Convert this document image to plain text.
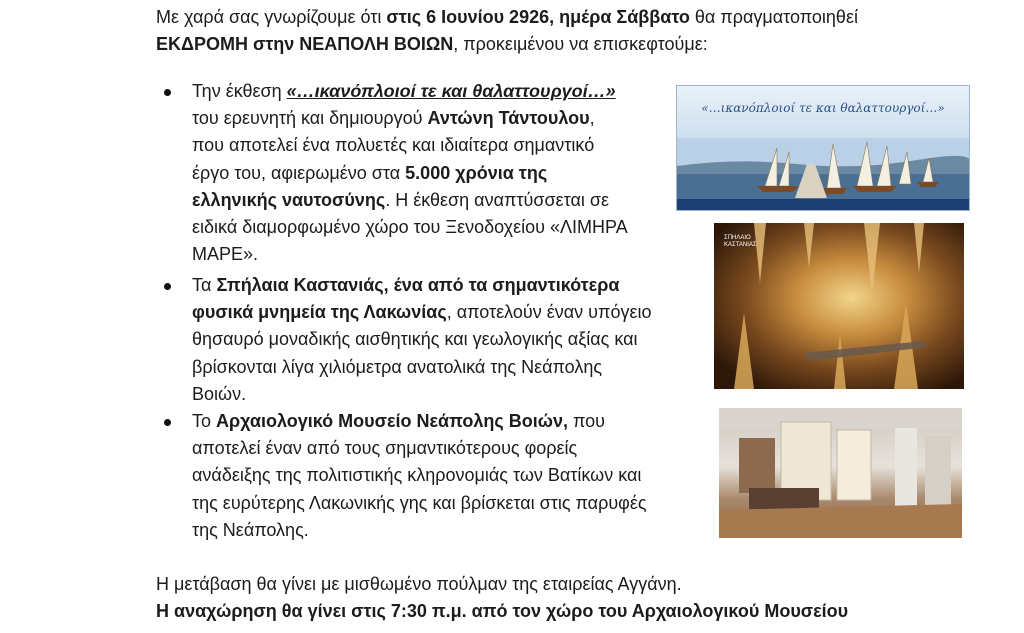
Με χαρά σας γνωρίζουμε ότι στις 6 Ιουνίου 2926, ημέρα Σάββατο θα πραγματοποιηθεί
ΕΚΔΡΟΜΗ στην ΝΕΑΠΟΛΗ ΒΟΙΩΝ, προκειμένου να επισκεφτούμε:
Την έκθεση «…ικανόπλοιοί τε και θαλαττουργοί…»
του ερευνητή και δημιουργού Αντώνη Τάντουλου,
που αποτελεί ένα πολυετές και ιδιαίτερα σημαντικό
έργο του, αφιερωμένο στα 5.000 χρόνια της
ελληνικής ναυτοσύνης. Η έκθεση αναπτύσσεται σε
ειδικά διαμορφωμένο χώρο του Ξενοδοχείου «ΛΙΜΗΡΑ
ΜΑΡΕ».
Τα Σπήλαια Καστανιάς, ένα από τα σημαντικότερα
φυσικά μνημεία της Λακωνίας, αποτελούν έναν υπόγειο
θησαυρό μοναδικής αισθητικής και γεωλογικής αξίας και
βρίσκονται λίγα χιλιόμετρα ανατολικά της Νεάπολης
Βοιών.
Το Αρχαιολογικό Μουσείο Νεάπολης Βοιών, που
αποτελεί έναν από τους σημαντικότερους φορείς
ανάδειξης της πολιτιστικής κληρονομιάς των Βατίκων και
της ευρύτερης Λακωνικής γης και βρίσκεται στις παρυφές
της Νεάπολης.
«…ικανόπλοιοί τε και θαλαττουργοί…»
ΣΠΗΛΑΙΟ
ΚΑΣΤΑΝΙΑΣ
Η μετάβαση θα γίνει με μισθωμένο πούλμαν της εταιρείας Αγγάνη.
Η αναχώρηση θα γίνει στις 7:30 π.μ. από τον χώρο του Αρχαιολογικού Μουσείου
